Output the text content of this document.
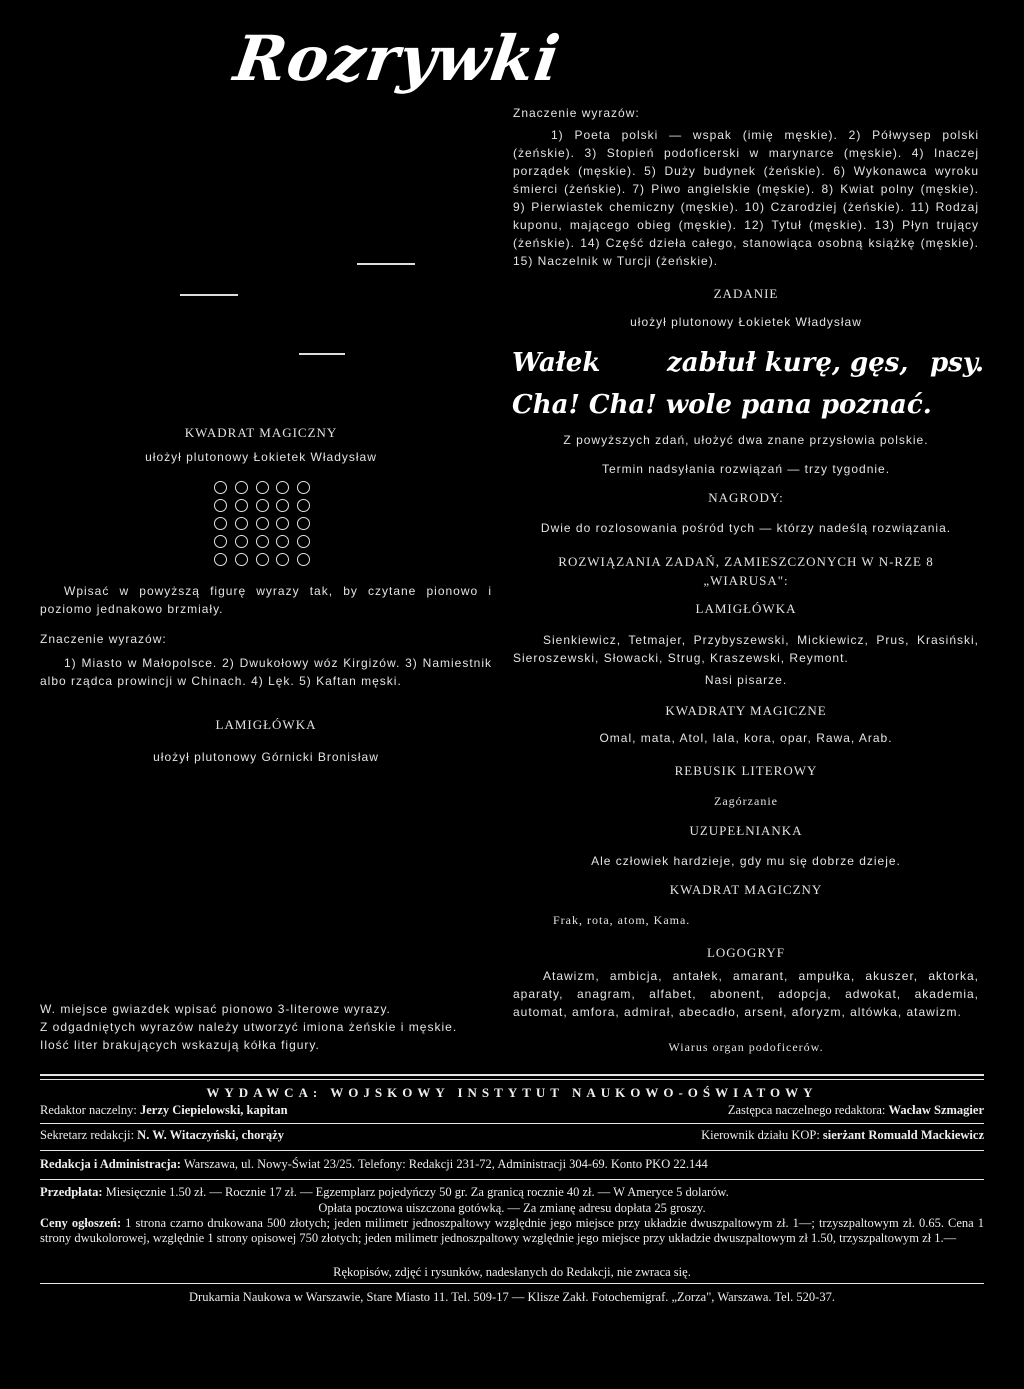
Rozrywki
Znaczenie wyrazów:
1) Poeta polski — wspak (imię męskie). 2) Półwysep polski (żeńskie). 3) Stopień podoficerski w marynarce (męskie). 4) Inaczej porządek (męskie). 5) Duży budynek (żeńskie). 6) Wykonawca wyroku śmierci (żeńskie). 7) Piwo angielskie (męskie). 8) Kwiat polny (męskie). 9) Pierwiastek chemiczny (męskie). 10) Czarodziej (żeńskie). 11) Rodzaj kuponu, mającego obieg (męskie). 12) Tytuł (męskie). 13) Płyn trujący (żeńskie). 14) Część dzieła całego, stanowiąca osobną książkę (męskie). 15) Naczelnik w Turcji (żeńskie).
ZADANIE
ułożył plutonowy Łokietek Władysław
Wałek	zabłuł kurę, gęs, psy.
Cha! Cha! wole pana poznać.
Z powyższych zdań, ułożyć dwa znane przysłowia polskie.
Termin nadsyłania rozwiązań — trzy tygodnie.
NAGRODY:
Dwie do rozlosowania pośród tych — którzy nadeślą rozwiązania.
ROZWIĄZANIA ZADAŃ, ZAMIESZCZONYCH W N-RZE 8
„WIARUSA":
LAMIGŁÓWKA
Sienkiewicz, Tetmajer, Przybyszewski, Mickiewicz, Prus, Krasiński, Sieroszewski, Słowacki, Strug, Kraszewski, Reymont.
Nasi pisarze.
KWADRATY MAGICZNE
Omal, mata, Atol, lala, kora, opar, Rawa, Arab.
REBUSIK LITEROWY
Zagórzanie
UZUPEŁNIANKA
Ale człowiek hardzieje, gdy mu się dobrze dzieje.
KWADRAT MAGICZNY
Frak, rota, atom, Kama.
LOGOGRYF
Atawizm, ambicja, antałek, amarant, ampułka, akuszer, aktorka, aparaty, anagram, alfabet, abonent, adopcja, adwokat, akademia, automat, amfora, admirał, abecadło, arsenł, aforyzm, altówka, atawizm.
Wiarus organ podoficerów.
KWADRAT MAGICZNY
ułożył plutonowy Łokietek Władysław
Wpisać w powyższą figurę wyrazy tak, by czytane pionowo i poziomo jednakowo brzmiały.
Znaczenie wyrazów:
1) Miasto w Małopolsce. 2) Dwukołowy wóz Kirgizów. 3) Namiestnik albo rządca prowincji w Chinach. 4) Lęk. 5) Kaftan męski.
LAMIGŁÓWKA
ułożył plutonowy Górnicki Bronisław
W. miejsce gwiazdek wpisać pionowo 3-literowe wyrazy.
Z odgadniętych wyrazów należy utworzyć imiona żeńskie i męskie.
Ilość liter brakujących wskazują kółka figury.
WYDAWCA: WOJSKOWY INSTYTUT NAUKOWO-OŚWIATOWY
Redaktor naczelny: Jerzy Ciepielowski, kapitan	Zastępca naczelnego redaktora: Wacław Szmagier
Sekretarz redakcji: N. W. Witaczyński, chorąży	Kierownik działu KOP: sierżant Romuald Mackiewicz
Redakcja i Administracja: Warszawa, ul. Nowy-Świat 23/25. Telefony: Redakcji 231-72, Administracji 304-69. Konto PKO 22.144
Przedpłata: Miesięcznie 1.50 zł. — Rocznie 17 zł. — Egzemplarz pojedyńczy 50 gr. Za granicą rocznie 40 zł. — W Ameryce 5 dolarów.
Opłata pocztowa uiszczona gotówką. — Za zmianę adresu dopłata 25 groszy.
Ceny ogłoszeń: 1 strona czarno drukowana 500 złotych; jeden milimetr jednoszpaltowy względnie jego miejsce przy układzie dwuszpaltowym zł. 1—; trzyszpaltowym zł. 0.65. Cena 1 strony dwukolorowej, względnie 1 strony opisowej 750 złotych; jeden milimetr jednoszpaltowy względnie jego miejsce przy układzie dwuszpaltowym zł 1.50, trzyszpaltowym zł 1.—
Rękopisów, zdjęć i rysunków, nadesłanych do Redakcji, nie zwraca się.
Drukarnia Naukowa w Warszawie, Stare Miasto 11. Tel. 509-17 — Klisze Zakł. Fotochemigraf. „Zorza", Warszawa. Tel. 520-37.
